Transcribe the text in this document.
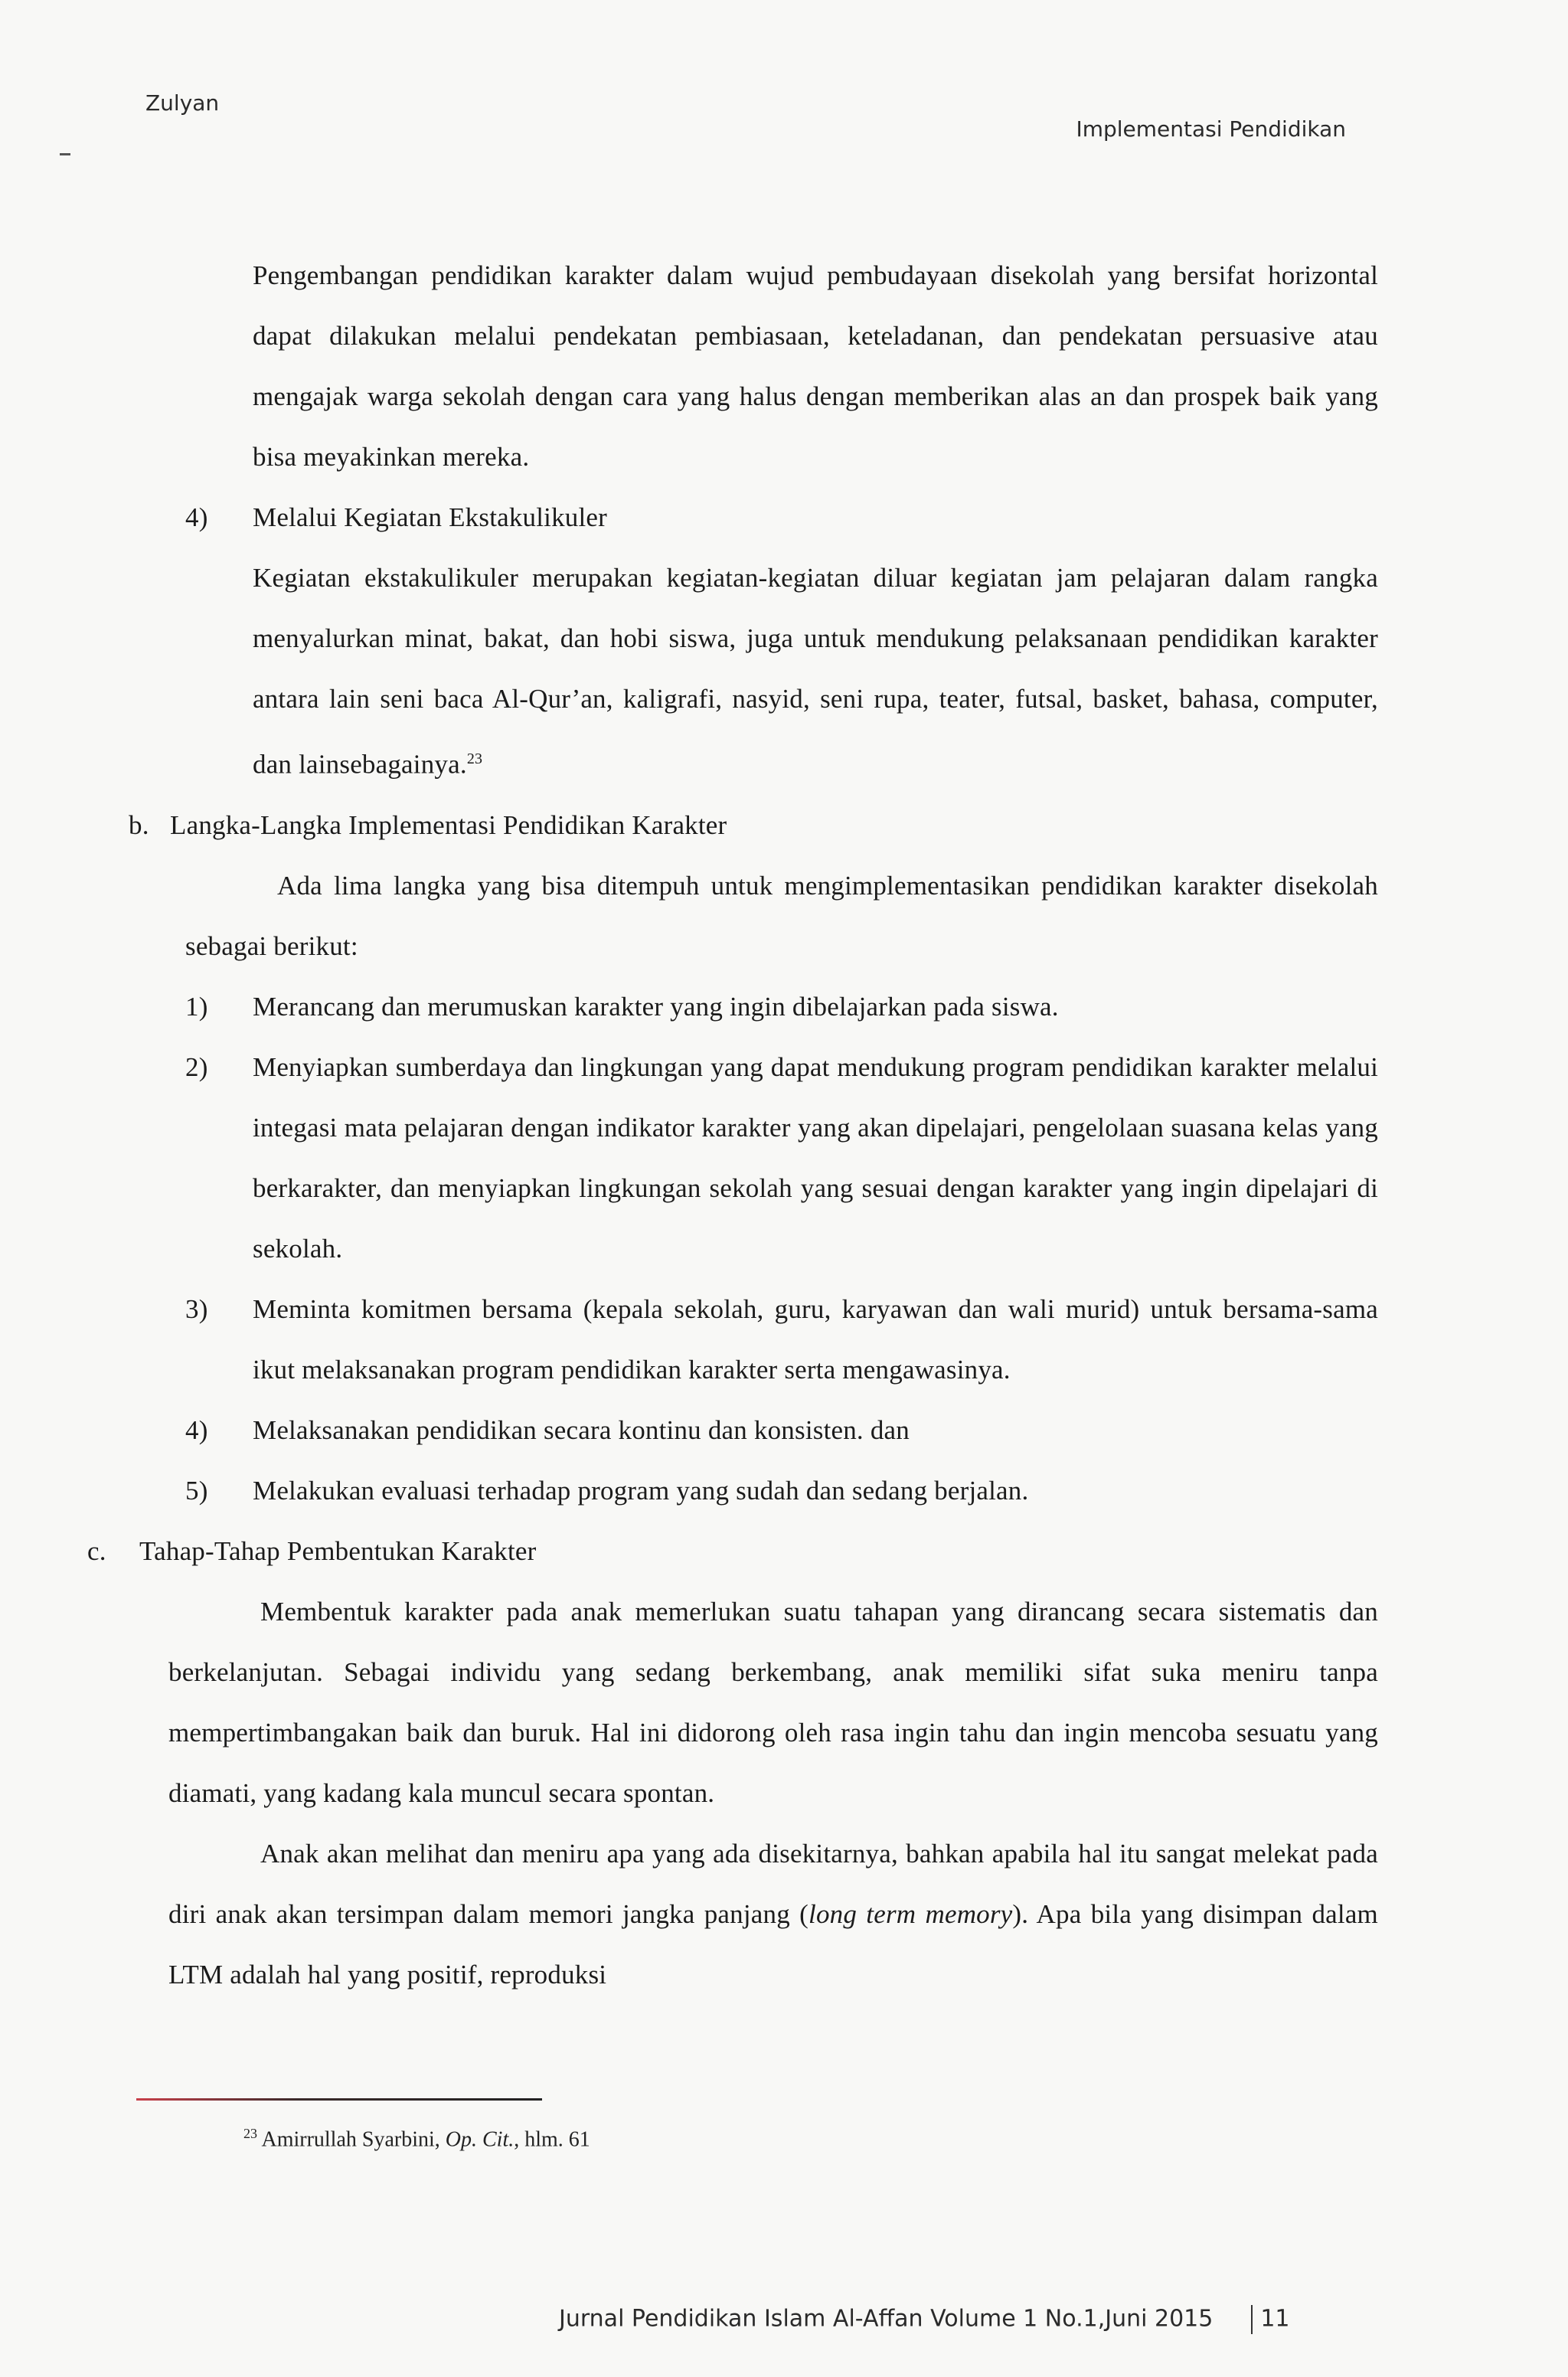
Zulyan
Implementasi Pendidikan

Pengembangan pendidikan karakter dalam wujud pembudayaan disekolah yang bersifat horizontal dapat dilakukan melalui pendekatan pembiasaan, keteladanan, dan pendekatan persuasive atau mengajak warga sekolah dengan cara yang halus dengan memberikan alas an dan prospek baik yang bisa meyakinkan mereka.

4) Melalui Kegiatan Ekstakulikuler

Kegiatan ekstakulikuler merupakan kegiatan-kegiatan diluar kegiatan jam pelajaran dalam rangka menyalurkan minat, bakat, dan hobi siswa, juga untuk mendukung pelaksanaan pendidikan karakter antara lain seni baca Al-Qur’an, kaligrafi, nasyid, seni rupa, teater, futsal, basket, bahasa, computer, dan lainsebagainya.$^{23}$

b. Langka-Langka Implementasi Pendidikan Karakter

Ada lima langka yang bisa ditempuh untuk mengimplementasikan pendidikan karakter disekolah sebagai berikut:

1) Merancang dan merumuskan karakter yang ingin dibelajarkan pada siswa.

2) Menyiapkan sumberdaya dan lingkungan yang dapat mendukung program pendidikan karakter melalui integasi mata pelajaran dengan indikator karakter yang akan dipelajari, pengelolaan suasana kelas yang berkarakter, dan menyiapkan lingkungan sekolah yang sesuai dengan karakter yang ingin dipelajari di sekolah.

3) Meminta komitmen bersama (kepala sekolah, guru, karyawan dan wali murid) untuk bersama-sama ikut melaksanakan program pendidikan karakter serta mengawasinya.

4) Melaksanakan pendidikan secara kontinu dan konsisten. dan

5) Melakukan evaluasi terhadap program yang sudah dan sedang berjalan.

c. Tahap-Tahap Pembentukan Karakter

Membentuk karakter pada anak memerlukan suatu tahapan yang dirancang secara sistematis dan berkelanjutan. Sebagai individu yang sedang berkembang, anak memiliki sifat suka meniru tanpa mempertimbangakan baik dan buruk. Hal ini didorong oleh rasa ingin tahu dan ingin mencoba sesuatu yang diamati, yang kadang kala muncul secara spontan.

Anak akan melihat dan meniru apa yang ada disekitarnya, bahkan apabila hal itu sangat melekat pada diri anak akan tersimpan dalam memori jangka panjang (long term memory). Apa bila yang disimpan dalam LTM adalah hal yang positif, reproduksi

$^{23}$ Amirrullah Syarbini, Op. Cit., hlm. 61
Jurnal Pendidikan Islam Al-Affan Volume 1 No.1,Juni 2015 11
